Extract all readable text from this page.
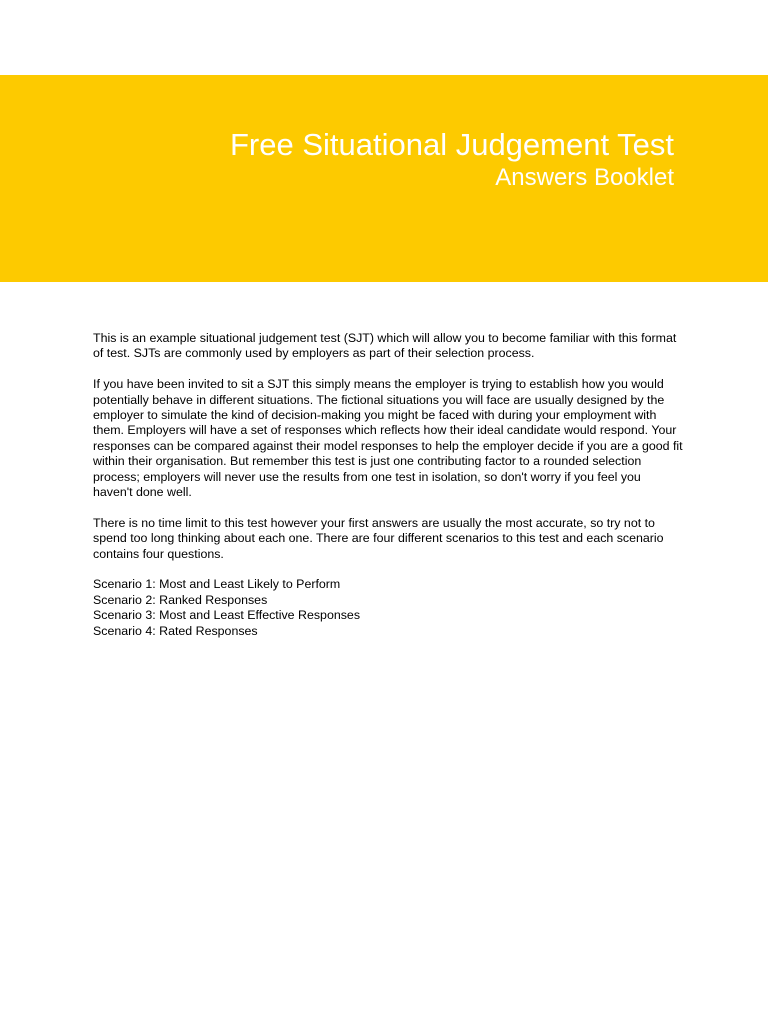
Free Situational Judgement Test
Answers Booklet

This is an example situational judgement test (SJT) which will allow you to become familiar with this format of test. SJTs are commonly used by employers as part of their selection process.

If you have been invited to sit a SJT this simply means the employer is trying to establish how you would potentially behave in different situations. The fictional situations you will face are usually designed by the employer to simulate the kind of decision-making you might be faced with during your employment with them. Employers will have a set of responses which reflects how their ideal candidate would respond. Your responses can be compared against their model responses to help the employer decide if you are a good fit within their organisation. But remember this test is just one contributing factor to a rounded selection process; employers will never use the results from one test in isolation, so don't worry if you feel you haven't done well.

There is no time limit to this test however your first answers are usually the most accurate, so try not to spend too long thinking about each one. There are four different scenarios to this test and each scenario contains four questions.

Scenario 1: Most and Least Likely to Perform
Scenario 2: Ranked Responses
Scenario 3: Most and Least Effective Responses
Scenario 4: Rated Responses
